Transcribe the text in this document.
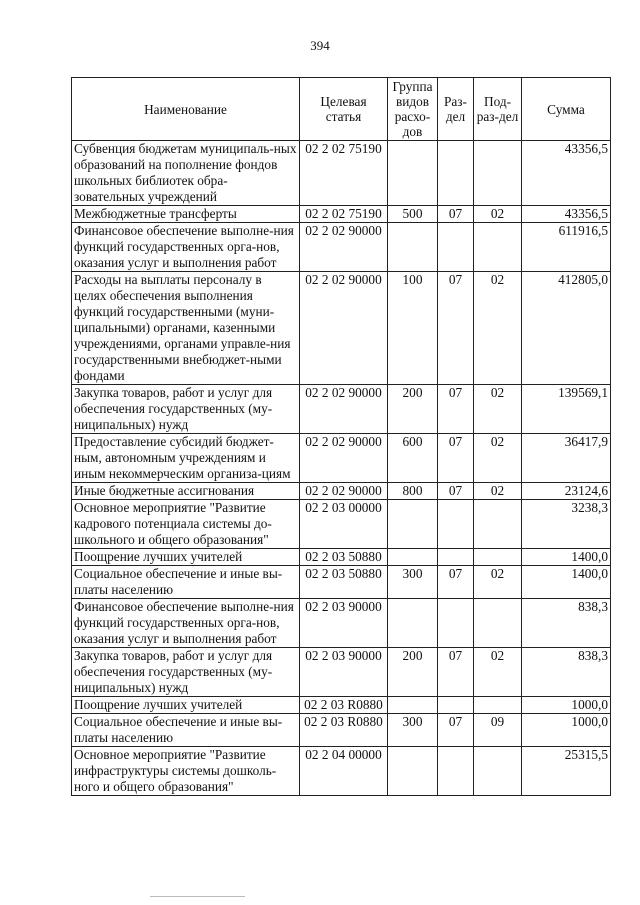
394
Наименование	Целевая статья	Группа видов расхо-дов	Раз-дел	Под-раз-дел	Сумма
Субвенция бюджетам муниципаль-ных образований на пополнение фондов школьных библиотек обра-зовательных учреждений	02 2 02 75190				43356,5
Межбюджетные трансферты	02 2 02 75190	500	07	02	43356,5
Финансовое обеспечение выполне-ния функций государственных орга-нов, оказания услуг и выполнения работ	02 2 02 90000				611916,5
Расходы на выплаты персоналу в целях обеспечения выполнения функций государственными (муни-ципальными) органами, казенными учреждениями, органами управле-ния государственными внебюджет-ными фондами	02 2 02 90000	100	07	02	412805,0
Закупка товаров, работ и услуг для обеспечения государственных (му-ниципальных) нужд	02 2 02 90000	200	07	02	139569,1
Предоставление субсидий бюджет-ным, автономным учреждениям и иным некоммерческим организа-циям	02 2 02 90000	600	07	02	36417,9
Иные бюджетные ассигнования	02 2 02 90000	800	07	02	23124,6
Основное мероприятие "Развитие кадрового потенциала системы до-школьного и общего образования"	02 2 03 00000				3238,3
Поощрение лучших учителей	02 2 03 50880				1400,0
Социальное обеспечение и иные вы-платы населению	02 2 03 50880	300	07	02	1400,0
Финансовое обеспечение выполне-ния функций государственных орга-нов, оказания услуг и выполнения работ	02 2 03 90000				838,3
Закупка товаров, работ и услуг для обеспечения государственных (му-ниципальных) нужд	02 2 03 90000	200	07	02	838,3
Поощрение лучших учителей	02 2 03 R0880				1000,0
Социальное обеспечение и иные вы-платы населению	02 2 03 R0880	300	07	09	1000,0
Основное мероприятие "Развитие инфраструктуры системы дошколь-ного и общего образования"	02 2 04 00000				25315,5
